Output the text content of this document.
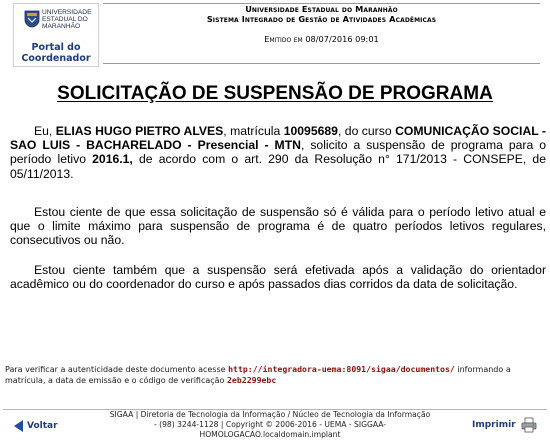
UNIVERSIDADE
ESTADUAL DO
MARANHÃO
Portal do
Coordenador
Universidade Estadual do Maranhão
Sistema Integrado de Gestão de Atividades Acadêmicas
Emitido em 08/07/2016 09:01
SOLICITAÇÃO DE SUSPENSÃO DE PROGRAMA
Eu, ELIAS HUGO PIETRO ALVES, matrícula 10095689, do curso COMUNICAÇÃO SOCIAL - SAO LUIS - BACHARELADO - Presencial - MTN, solicito a suspensão de programa para o período letivo 2016.1, de acordo com o art. 290 da Resolução n° 171/2013 - CONSEPE, de 05/11/2013.
Estou ciente de que essa solicitação de suspensão só é válida para o período letivo atual e que o limite máximo para suspensão de programa é de quatro períodos letivos regulares, consecutivos ou não.
Estou ciente também que a suspensão será efetivada após a validação do orientador acadêmico ou do coordenador do curso e após passados dias corridos da data de solicitação.
Para verificar a autenticidade deste documento acesse http://integradora-uema:8091/sigaa/documentos/ informando a matrícula, a data de emissão e o código de verificação 2eb2299ebc
Voltar
SIGAA | Diretoria de Tecnologia da Informação / Núcleo de Tecnologia da Informação
- (98) 3244-1128 | Copyright © 2006-2016 - UEMA - SIGGAA-
HOMOLOGACAO.localdomain.implant
Imprimir
